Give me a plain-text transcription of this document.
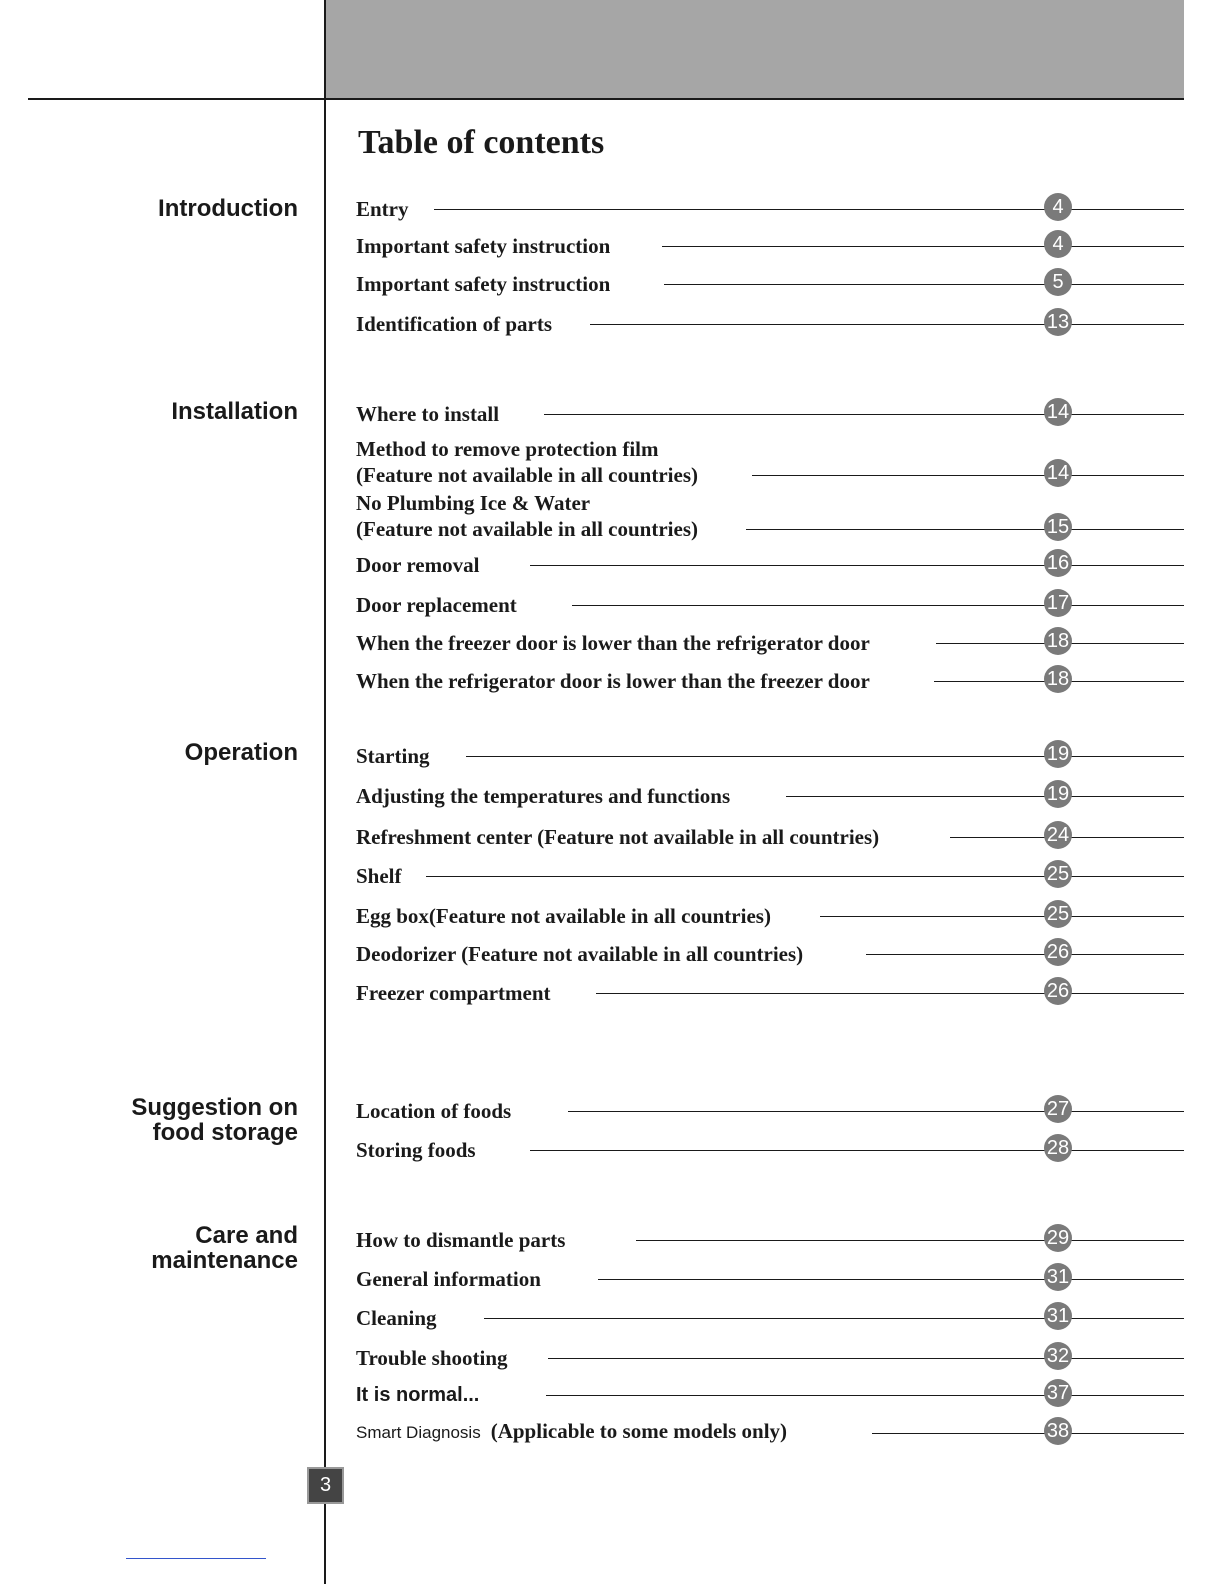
Table of contents
Introduction
Installation
Operation
Suggestion on
food storage
Care and
maintenance
Entry	4
Important safety instruction	4
Important safety instruction	5
Identification of parts	13
Where to install	14
Method to remove protection film
(Feature not available in all countries)	14
No Plumbing Ice & Water
(Feature not available in all countries)	15
Door removal	16
Door replacement	17
When the freezer door is lower than the refrigerator door	18
When the refrigerator door is lower than the freezer door	18
Starting	19
Adjusting the temperatures and functions	19
Refreshment center (Feature not available in all countries)	24
Shelf	25
Egg box(Feature not available in all countries)	25
Deodorizer (Feature not available in all countries)	26
Freezer compartment	26
Location of foods	27
Storing foods	28
How to dismantle parts	29
General information	31
Cleaning	31
Trouble shooting	32
It is normal...	37
Smart Diagnosis (Applicable to some models only)	38
3
